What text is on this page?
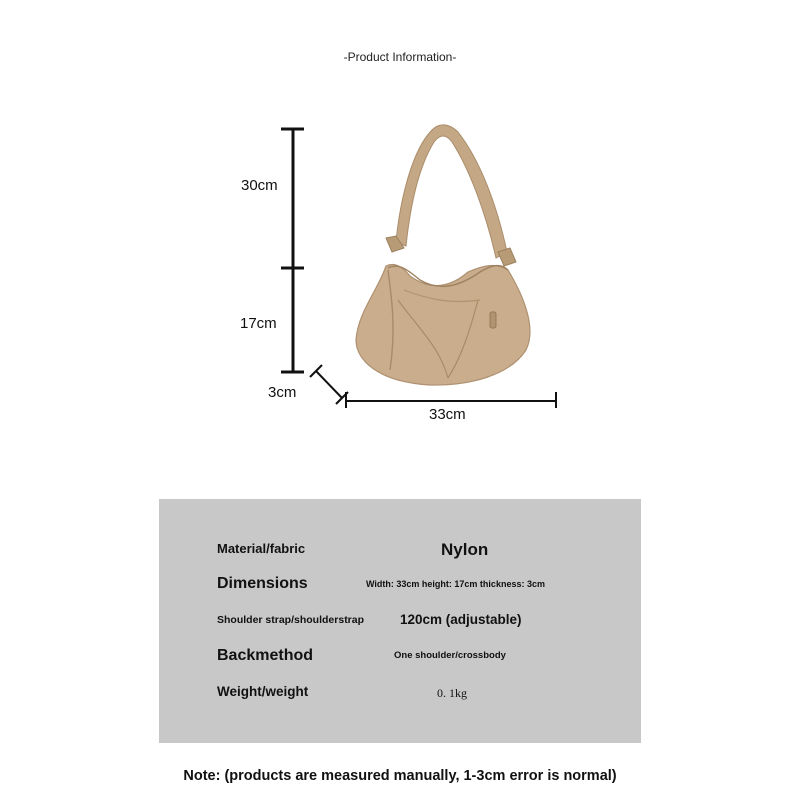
-Product Information-
30cm
17cm
3cm
33cm
Material/fabric	Nylon
Dimensions	Width: 33cm height: 17cm thickness: 3cm
Shoulder strap/shoulderstrap	120cm (adjustable)
Backmethod	One shoulder/crossbody
Weight/weight	0. 1kg
Note: (products are measured manually, 1-3cm error is normal)
